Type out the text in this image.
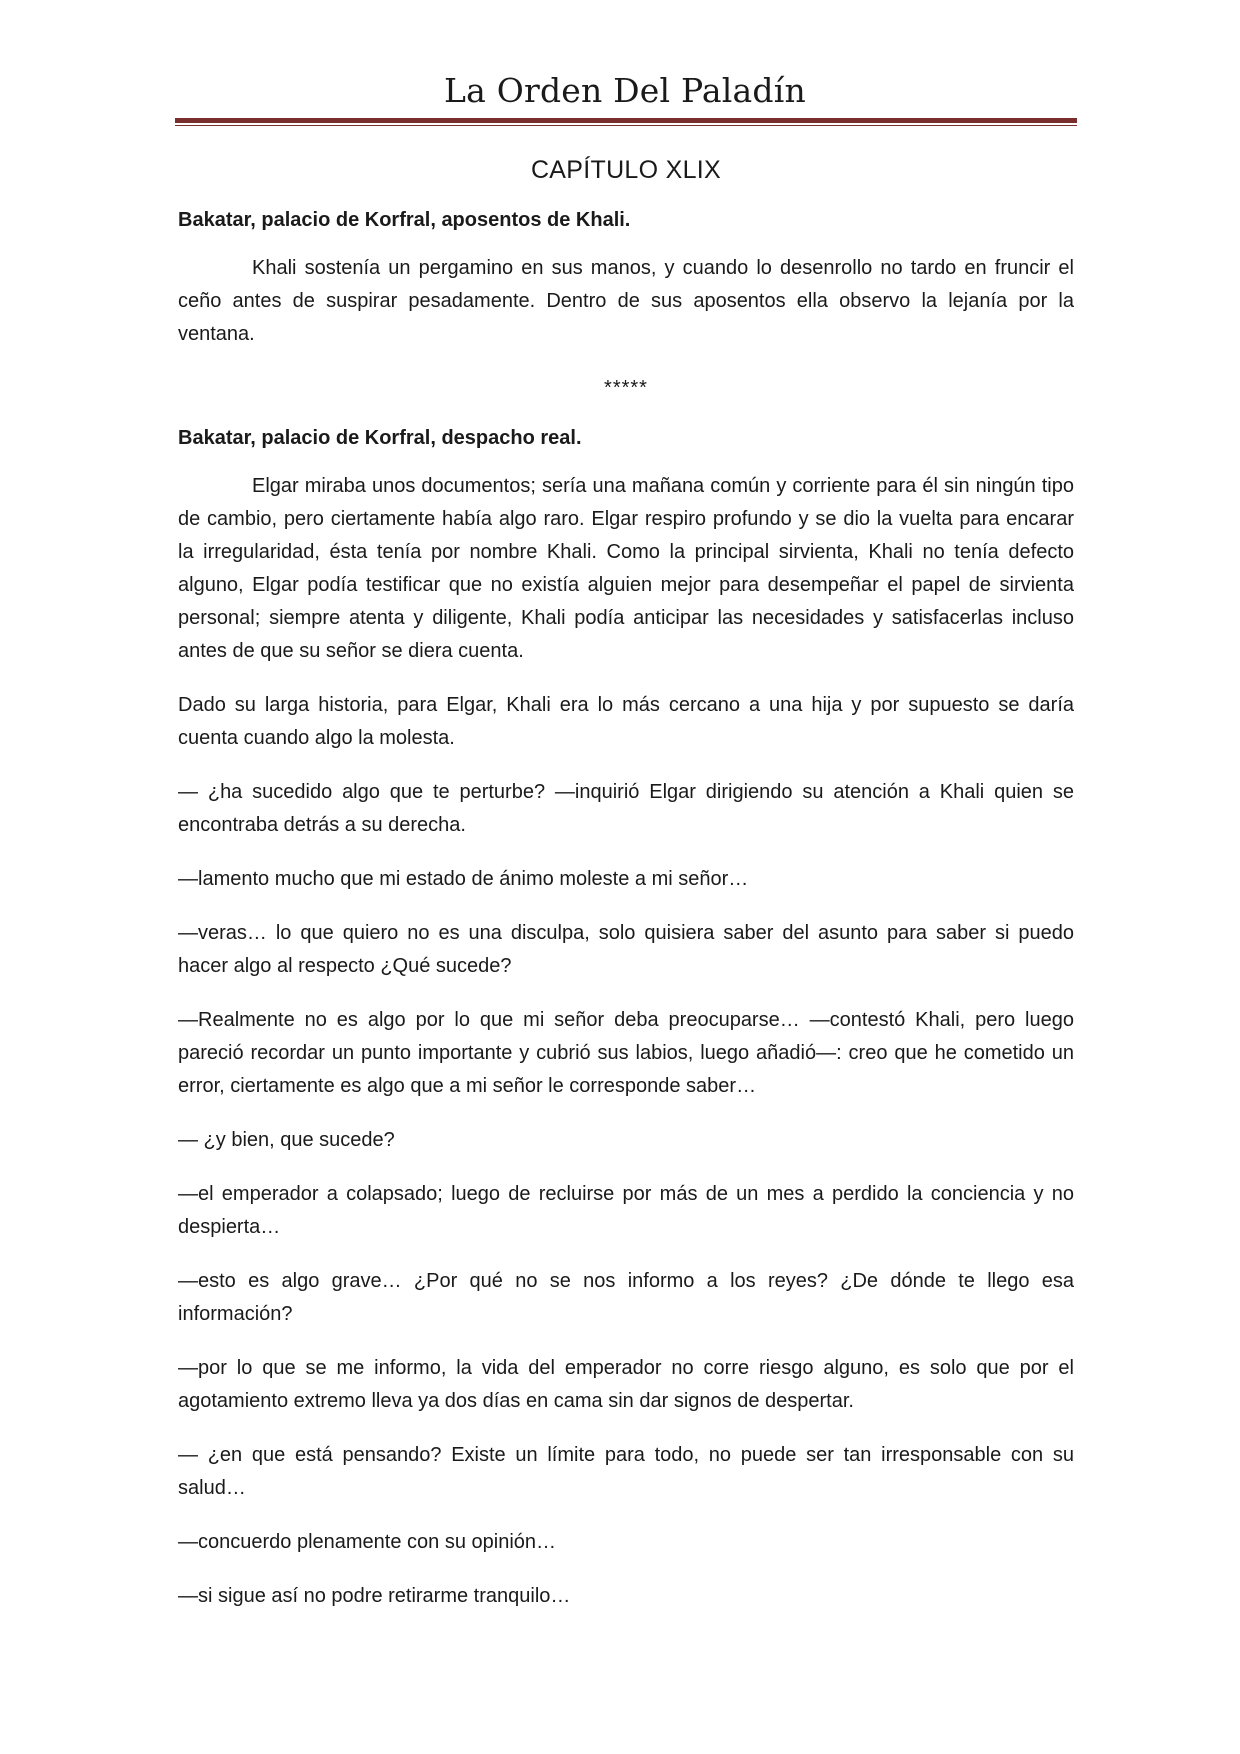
La Orden Del Paladín
CAPÍTULO XLIX
Bakatar, palacio de Korfral, aposentos de Khali.

Khali sostenía un pergamino en sus manos, y cuando lo desenrollo no tardo en fruncir el ceño antes de suspirar pesadamente. Dentro de sus aposentos ella observo la lejanía por la ventana.

*****
Bakatar, palacio de Korfral, despacho real.

Elgar miraba unos documentos; sería una mañana común y corriente para él sin ningún tipo de cambio, pero ciertamente había algo raro. Elgar respiro profundo y se dio la vuelta para encarar la irregularidad, ésta tenía por nombre Khali. Como la principal sirvienta, Khali no tenía defecto alguno, Elgar podía testificar que no existía alguien mejor para desempeñar el papel de sirvienta personal; siempre atenta y diligente, Khali podía anticipar las necesidades y satisfacerlas incluso antes de que su señor se diera cuenta.

Dado su larga historia, para Elgar, Khali era lo más cercano a una hija y por supuesto se daría cuenta cuando algo la molesta.

— ¿ha sucedido algo que te perturbe? —inquirió Elgar dirigiendo su atención a Khali quien se encontraba detrás a su derecha.

—lamento mucho que mi estado de ánimo moleste a mi señor…

—veras… lo que quiero no es una disculpa, solo quisiera saber del asunto para saber si puedo hacer algo al respecto ¿Qué sucede?

—Realmente no es algo por lo que mi señor deba preocuparse… —contestó Khali, pero luego pareció recordar un punto importante y cubrió sus labios, luego añadió—: creo que he cometido un error, ciertamente es algo que a mi señor le corresponde saber…

— ¿y bien, que sucede?

—el emperador a colapsado; luego de recluirse por más de un mes a perdido la conciencia y no despierta…

—esto es algo grave… ¿Por qué no se nos informo a los reyes? ¿De dónde te llego esa información?

—por lo que se me informo, la vida del emperador no corre riesgo alguno, es solo que por el agotamiento extremo lleva ya dos días en cama sin dar signos de despertar.

— ¿en que está pensando? Existe un límite para todo, no puede ser tan irresponsable con su salud…

—concuerdo plenamente con su opinión…

—si sigue así no podre retirarme tranquilo…
